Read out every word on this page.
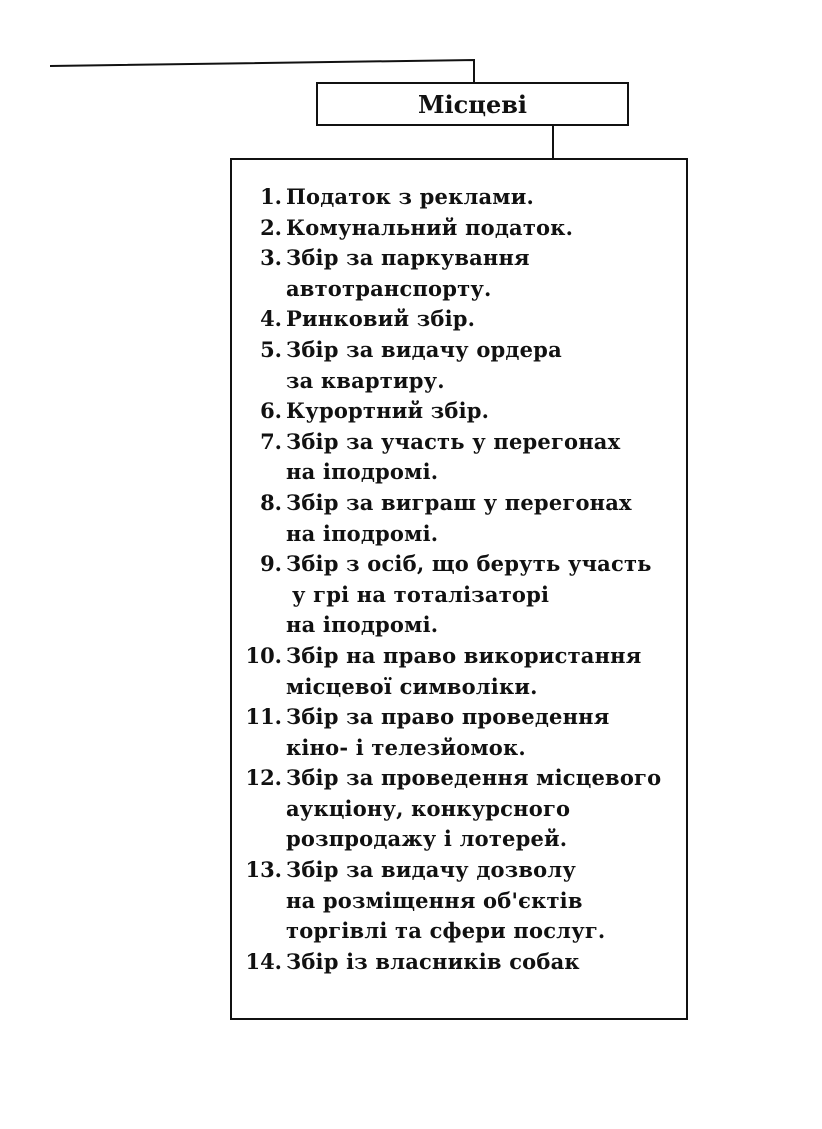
Місцеві
1. Податок з реклами.
2. Комунальний податок.
3. Збір за паркування
автотранспорту.
4. Ринковий збір.
5. Збір за видачу ордера
за квартиру.
6. Курортний збір.
7. Збір за участь у перегонах
на іподромі.
8. Збір за виграш у перегонах
на іподромі.
9. Збір з осіб, що беруть участь
у грі на тоталізаторі
на іподромі.
10. Збір на право використання
місцевої символіки.
11. Збір за право проведення
кіно- і телезйомок.
12. Збір за проведення місцевого
аукціону, конкурсного
розпродажу і лотерей.
13. Збір за видачу дозволу
на розміщення об'єктів
торгівлі та сфери послуг.
14. Збір із власників собак
